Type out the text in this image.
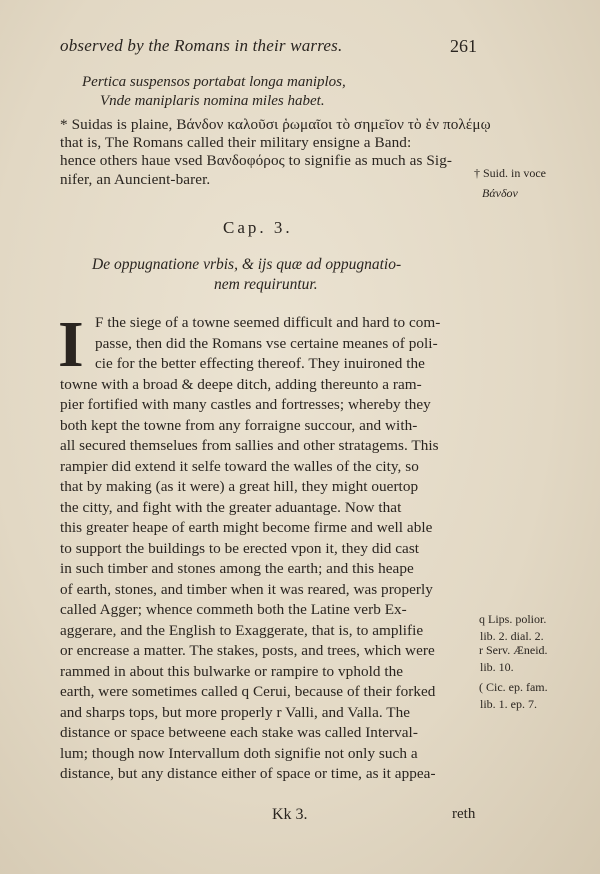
observed by the Romans in their warres.	261
Pertica suspensos portabat longa maniplos,
Vnde maniplaris nomina miles habet.
* Suidas is plaine, Βάνδον καλοῦσι ῥωμαῖοι τὸ σημεῖον τὸ ἐν πολέμῳ
that is, The Romans called their military ensigne a Band:
hence others haue vsed Βανδοφόρος to signifie as much as Sig-
nifer, an Auncient-barer.	† Suid. in voce
Βάνδον
Cap. 3.
De oppugnatione vrbis, & ijs quæ ad oppugnatio-
nem requiruntur.
I F the siege of a towne seemed difficult and hard to com-
passe, then did the Romans vse certaine meanes of poli-
cie for the better effecting thereof. They inuironed the
towne with a broad & deepe ditch, adding thereunto a ram-
pier fortified with many castles and fortresses; whereby they
both kept the towne from any forraigne succour, and with-
all secured themselues from sallies and other stratagems. This
rampier did extend it selfe toward the walles of the city, so
that by making (as it were) a great hill, they might ouertop
the citty, and fight with the greater aduantage. Now that
this greater heape of earth might become firme and well able
to support the buildings to be erected vpon it, they did cast
in such timber and stones among the earth; and this heape
of earth, stones, and timber when it was reared, was properly
called Agger; whence commeth both the Latine verb Ex-
aggerare, and the English to Exaggerate, that is, to amplifie
or encrease a matter. The stakes, posts, and trees, which were
rammed in about this bulwarke or rampire to vphold the
earth, were sometimes called q Cerui, because of their forked
and sharps tops, but more properly r Valli, and Valla. The
distance or space betweene each stake was called Interval-
lum; though now Intervallum doth signifie not only such a
distance, but any distance either of space or time, as it appea-
q Lips. polior.
lib. 2. dial. 2.
r Serv. Æneid.
lib. 10.
( Cic. ep. fam.
lib. 1. ep. 7.
Kk 3.	reth
